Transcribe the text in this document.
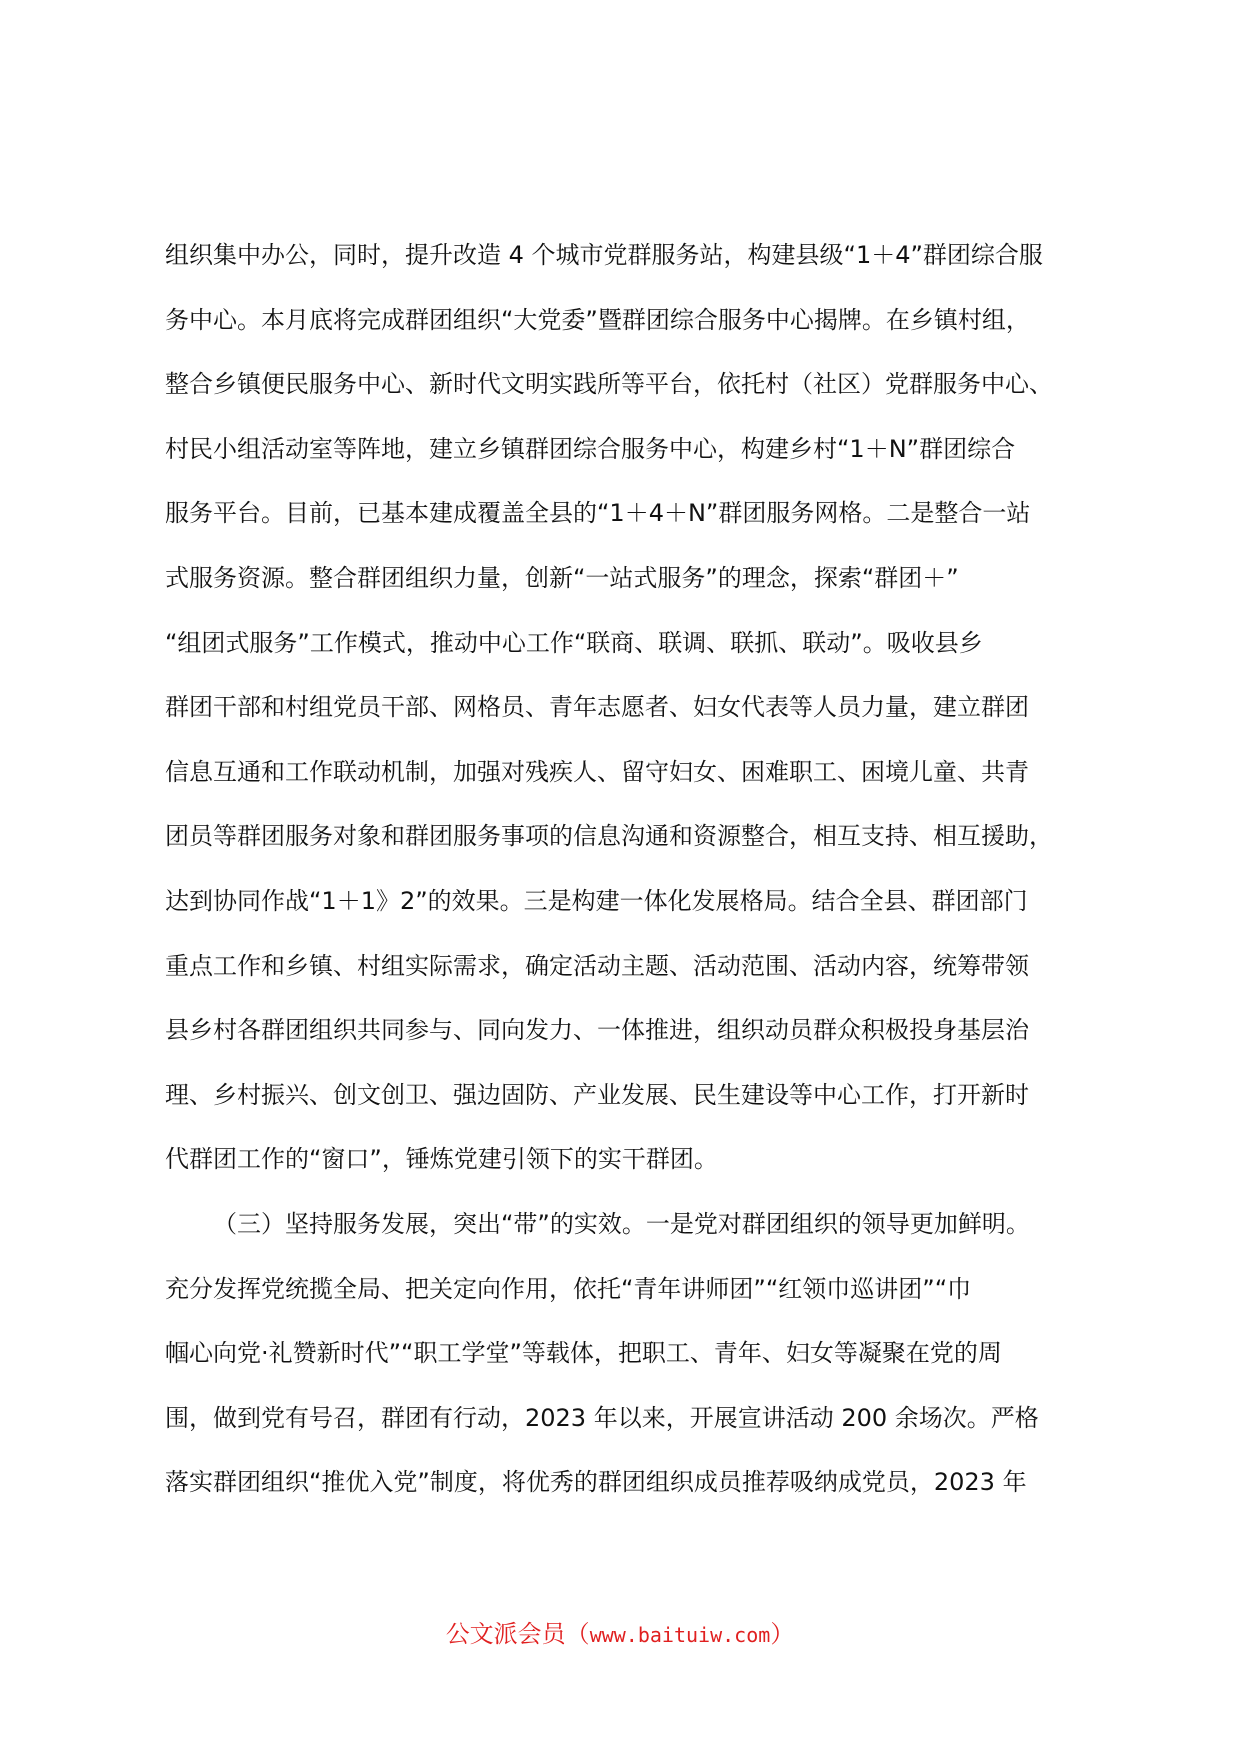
组织集中办公，同时，提升改造 4 个城市党群服务站，构建县级“1＋4”群团综合服
务中心。本月底将完成群团组织“大党委”暨群团综合服务中心揭牌。在乡镇村组，
整合乡镇便民服务中心、新时代文明实践所等平台，依托村（社区）党群服务中心、
村民小组活动室等阵地，建立乡镇群团综合服务中心，构建乡村“1＋N”群团综合
服务平台。目前，已基本建成覆盖全县的“1＋4＋N”群团服务网格。二是整合一站
式服务资源。整合群团组织力量，创新“一站式服务”的理念，探索“群团＋”
“组团式服务”工作模式，推动中心工作“联商、联调、联抓、联动”。吸收县乡
群团干部和村组党员干部、网格员、青年志愿者、妇女代表等人员力量，建立群团
信息互通和工作联动机制，加强对残疾人、留守妇女、困难职工、困境儿童、共青
团员等群团服务对象和群团服务事项的信息沟通和资源整合，相互支持、相互援助，
达到协同作战“1＋1》2”的效果。三是构建一体化发展格局。结合全县、群团部门
重点工作和乡镇、村组实际需求，确定活动主题、活动范围、活动内容，统筹带领
县乡村各群团组织共同参与、同向发力、一体推进，组织动员群众积极投身基层治
理、乡村振兴、创文创卫、强边固防、产业发展、民生建设等中心工作，打开新时
代群团工作的“窗口”，锤炼党建引领下的实干群团。
（三）坚持服务发展，突出“带”的实效。一是党对群团组织的领导更加鲜明。
充分发挥党统揽全局、把关定向作用，依托“青年讲师团”“红领巾巡讲团”“巾
帼心向党·礼赞新时代”“职工学堂”等载体，把职工、青年、妇女等凝聚在党的周
围，做到党有号召，群团有行动，2023 年以来，开展宣讲活动 200 余场次。严格
落实群团组织“推优入党”制度，将优秀的群团组织成员推荐吸纳成党员，2023 年
公文派会员（www.baituiw.com）
